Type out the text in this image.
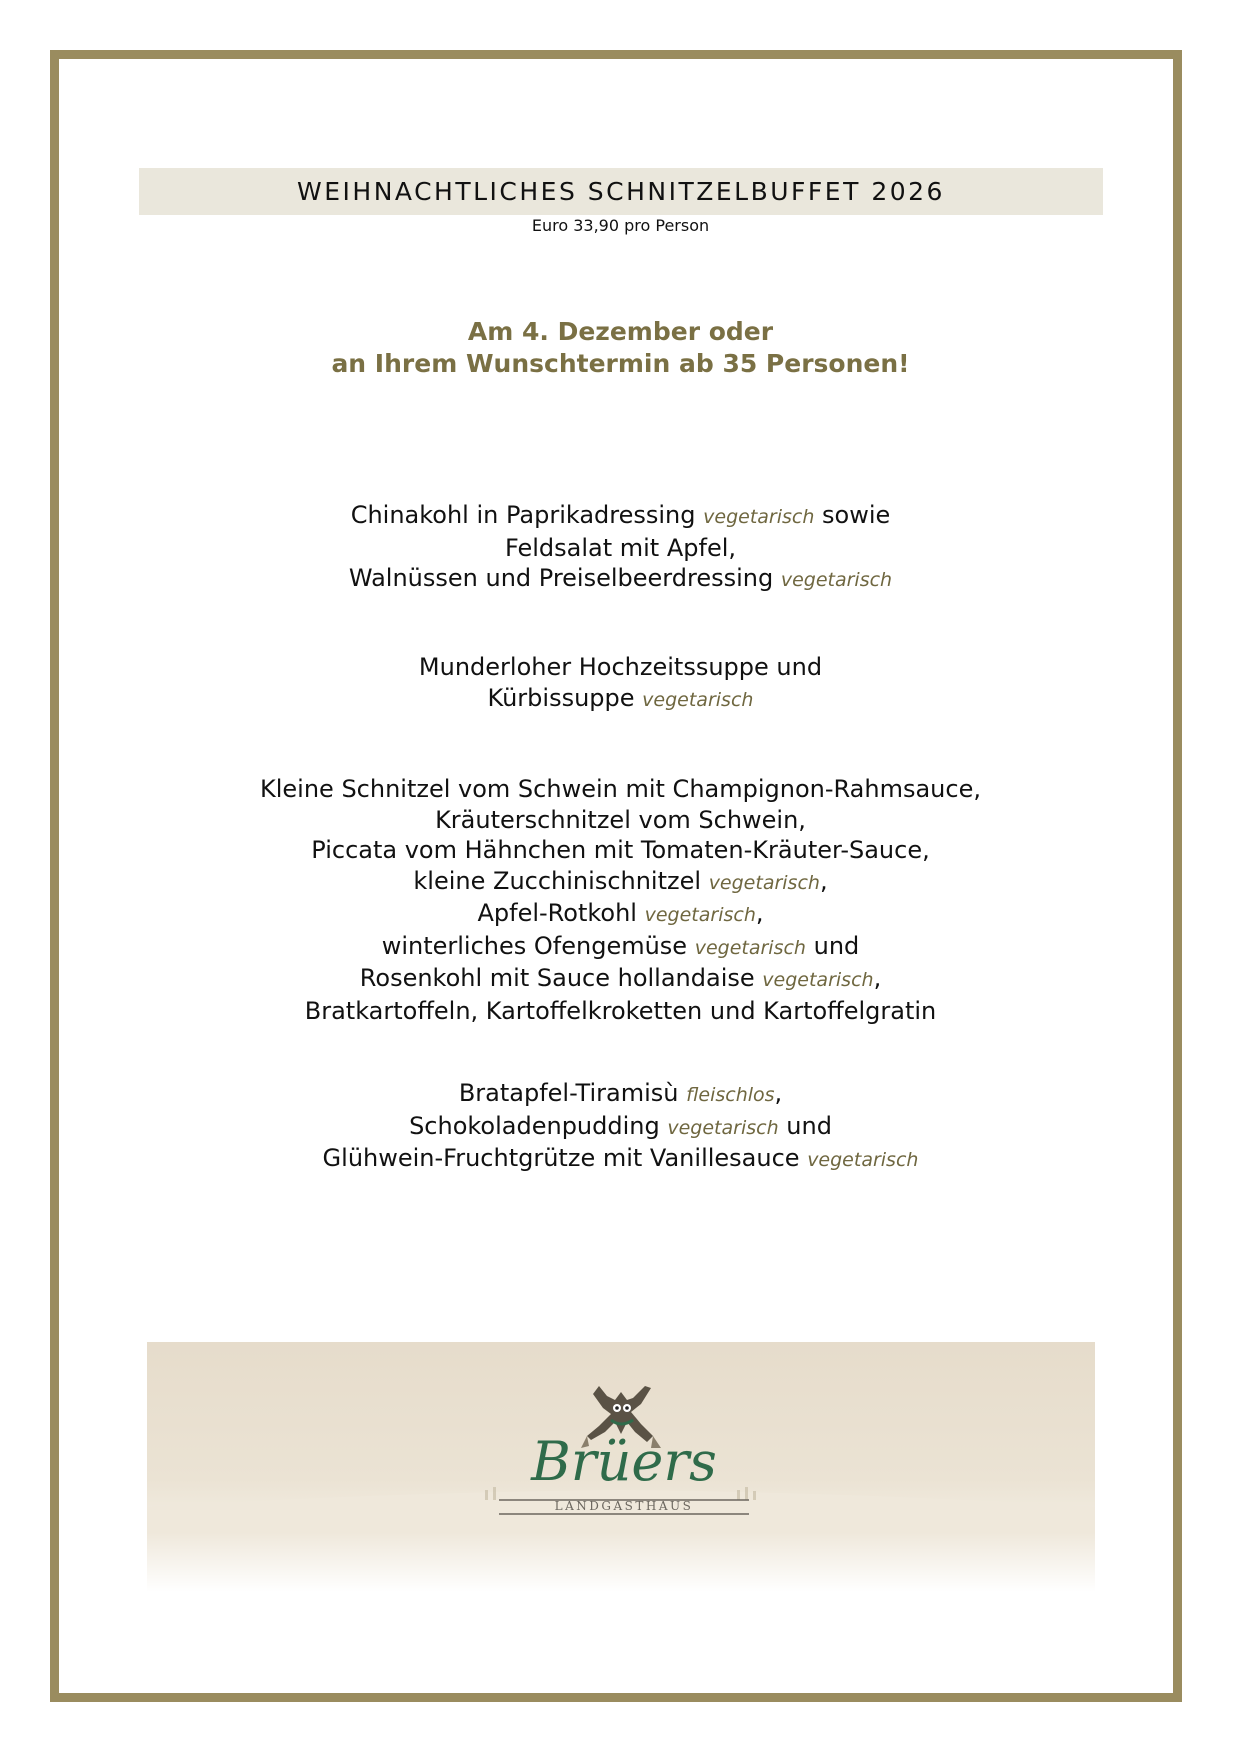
WEIHNACHTLICHES SCHNITZELBUFFET 2026
Euro 33,90 pro Person
Am 4. Dezember oder
an Ihrem Wunschtermin ab 35 Personen!
Chinakohl in Paprikadressing vegetarisch sowie
Feldsalat mit Apfel,
Walnüssen und Preiselbeerdressing vegetarisch
Munderloher Hochzeitssuppe und
Kürbissuppe vegetarisch
Kleine Schnitzel vom Schwein mit Champignon-Rahmsauce,
Kräuterschnitzel vom Schwein,
Piccata vom Hähnchen mit Tomaten-Kräuter-Sauce,
kleine Zucchinischnitzel vegetarisch,
Apfel-Rotkohl vegetarisch,
winterliches Ofengemüse vegetarisch und
Rosenkohl mit Sauce hollandaise vegetarisch,
Bratkartoffeln, Kartoffelkroketten und Kartoffelgratin
Bratapfel-Tiramisù fleischlos,
Schokoladenpudding vegetarisch und
Glühwein-Fruchtgrütze mit Vanillesauce vegetarisch
Brüers
LANDGASTHAUS
